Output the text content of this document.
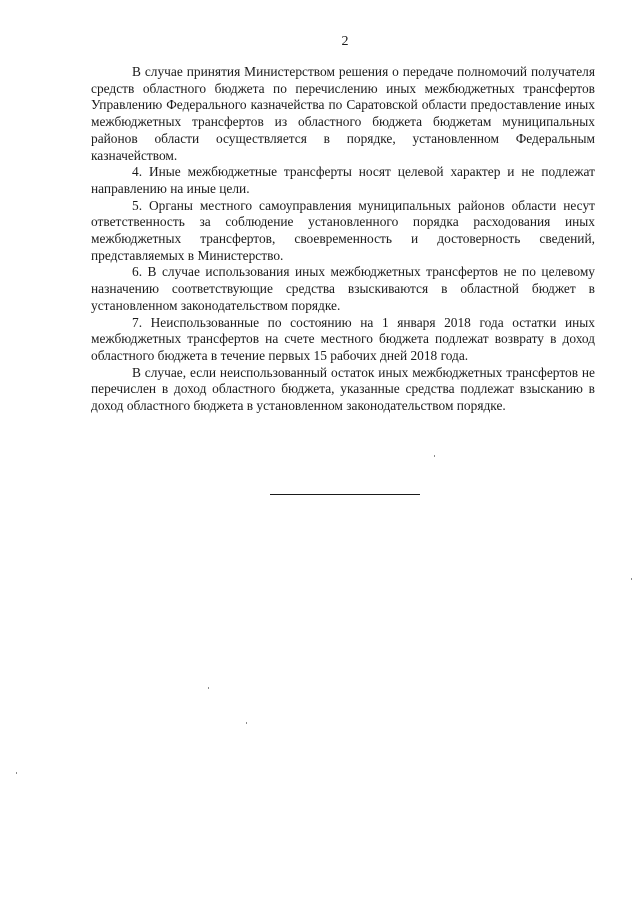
2

В случае принятия Министерством решения о передаче полномочий получателя средств областного бюджета по перечислению иных межбюджетных трансфертов Управлению Федерального казначейства по Саратовской области предоставление иных межбюджетных трансфертов из областного бюджета бюджетам муниципальных районов области осуществляется в порядке, установленном Федеральным казначейством.

4. Иные межбюджетные трансферты носят целевой характер и не подлежат направлению на иные цели.

5. Органы местного самоуправления муниципальных районов области несут ответственность за соблюдение установленного порядка расходования иных межбюджетных трансфертов, своевременность и достоверность сведений, представляемых в Министерство.

6. В случае использования иных межбюджетных трансфертов не по целевому назначению соответствующие средства взыскиваются в областной бюджет в установленном законодательством порядке.

7. Неиспользованные по состоянию на 1 января 2018 года остатки иных межбюджетных трансфертов на счете местного бюджета подлежат возврату в доход областного бюджета в течение первых 15 рабочих дней 2018 года.

В случае, если неиспользованный остаток иных межбюджетных трансфертов не перечислен в доход областного бюджета, указанные средства подлежат взысканию в доход областного бюджета в установленном законодательством порядке.
